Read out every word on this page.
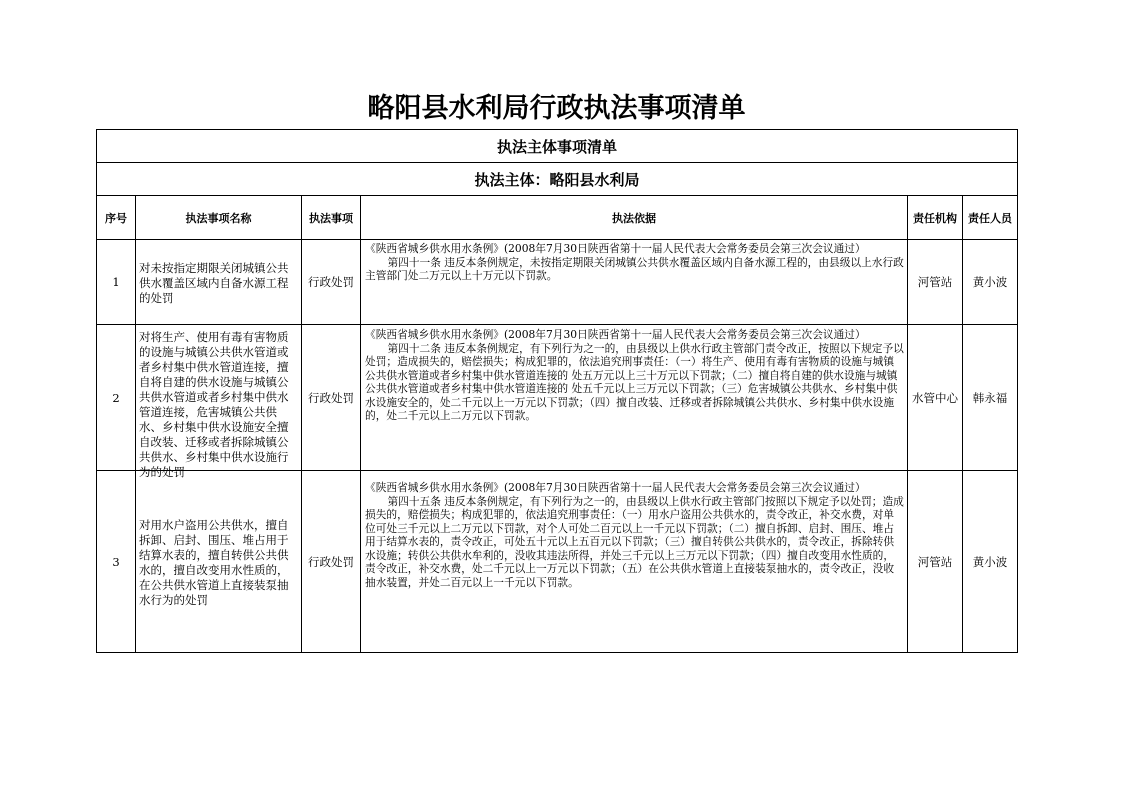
略阳县水利局行政执法事项清单
执法主体事项清单					
执法主体：略阳县水利局					
序号	执法事项名称	执法事项	执法依据	责任机构	责任人员
1	对未按指定期限关闭城镇公共供水覆盖区域内自备水源工程的处罚	行政处罚	《陕西省城乡供水用水条例》(2008年7月30日陕西省第十一届人民代表大会常务委员会第三次会议通过）

第四十一条 违反本条例规定，未按指定期限关闭城镇公共供水覆盖区域内自备水源工程的，由县级以上水行政主管部门处二万元以上十万元以下罚款。	河管站	黄小波
2	对将生产、使用有毒有害物质的设施与城镇公共供水管道或者乡村集中供水管道连接，擅自将自建的供水设施与城镇公共供水管道或者乡村集中供水管道连接，危害城镇公共供水、乡村集中供水设施安全擅自改装、迁移或者拆除城镇公共供水、乡村集中供水设施行为的处罚	行政处罚	《陕西省城乡供水用水条例》(2008年7月30日陕西省第十一届人民代表大会常务委员会第三次会议通过）

第四十二条 违反本条例规定，有下列行为之一的，由县级以上供水行政主管部门责令改正，按照以下规定予以处罚；造成损失的，赔偿损失；构成犯罪的，依法追究刑事责任：（一）将生产、使用有毒有害物质的设施与城镇公共供水管道或者乡村集中供水管道连接的 处五万元以上三十万元以下罚款；（二）擅自将自建的供水设施与城镇公共供水管道或者乡村集中供水管道连接的 处五千元以上三万元以下罚款；（三）危害城镇公共供水、乡村集中供水设施安全的，处二千元以上一万元以下罚款；（四）擅自改装、迁移或者拆除城镇公共供水、乡村集中供水设施的，处二千元以上二万元以下罚款。	水管中心	韩永福
3	对用水户盗用公共供水，擅自拆卸、启封、围压、堆占用于结算水表的，擅自转供公共供水的，擅自改变用水性质的，在公共供水管道上直接装泵抽水行为的处罚	行政处罚	《陕西省城乡供水用水条例》(2008年7月30日陕西省第十一届人民代表大会常务委员会第三次会议通过）

第四十五条 违反本条例规定，有下列行为之一的，由县级以上供水行政主管部门按照以下规定予以处罚；造成损失的，赔偿损失；构成犯罪的，依法追究刑事责任：（一）用水户盗用公共供水的，责令改正，补交水费，对单位可处三千元以上二万元以下罚款，对个人可处二百元以上一千元以下罚款；（二）擅自拆卸、启封、围压、堆占用于结算水表的，责令改正，可处五十元以上五百元以下罚款；（三）擅自转供公共供水的，责令改正，拆除转供水设施；转供公共供水牟利的，没收其违法所得，并处三千元以上三万元以下罚款；（四）擅自改变用水性质的，责令改正，补交水费，处二千元以上一万元以下罚款；（五）在公共供水管道上直接装泵抽水的，责令改正，没收抽水装置，并处二百元以上一千元以下罚款。	河管站	黄小波
